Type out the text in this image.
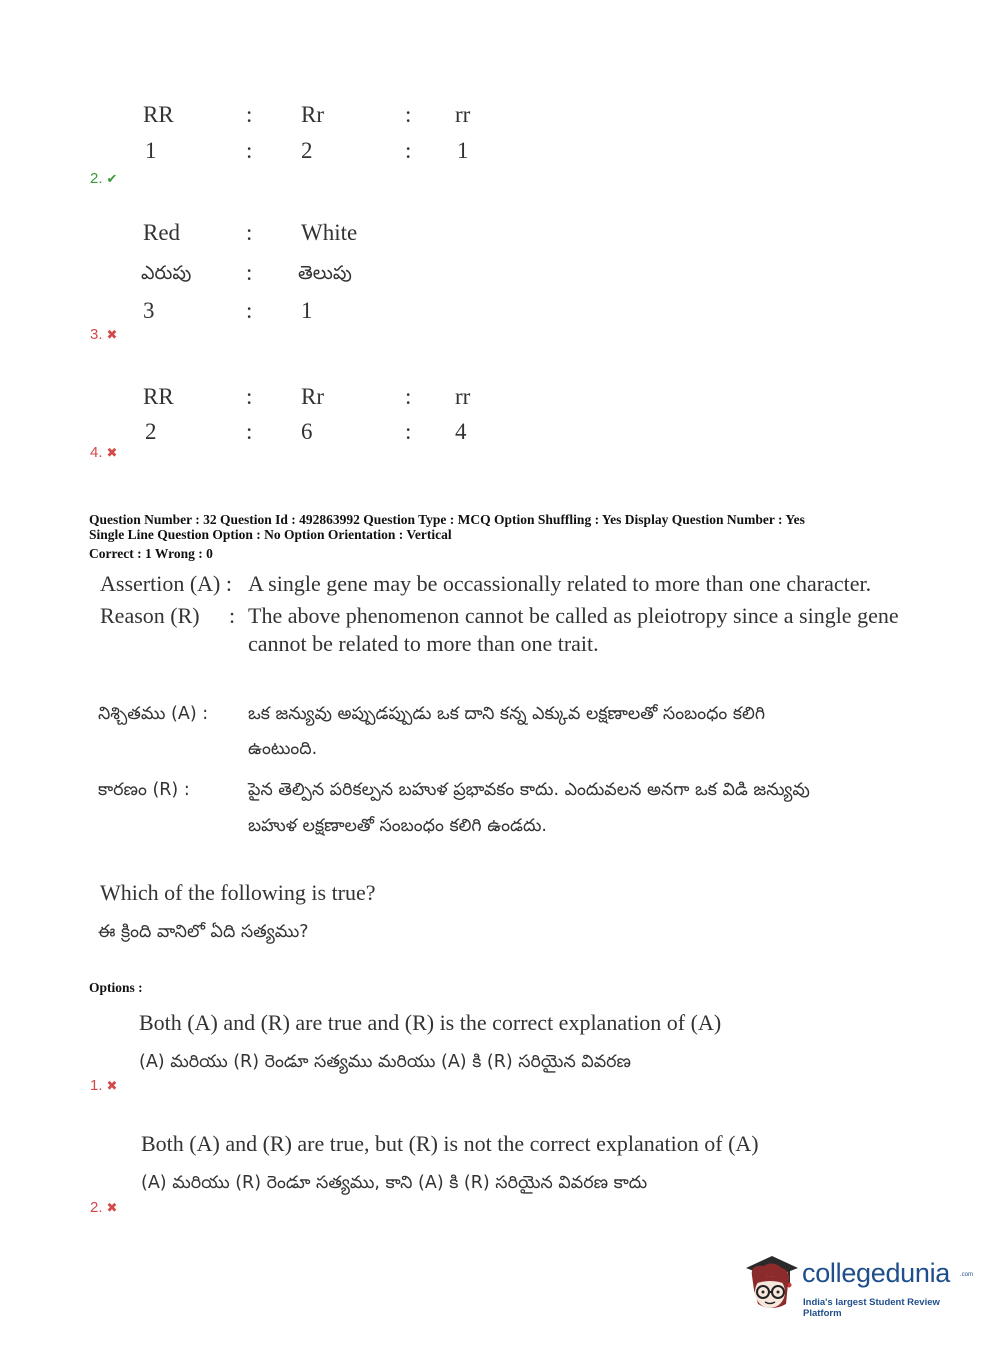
RR	: Rr	: rr
1	: 2	: 1
2. ✔
Red	: White
ఎరుపు : తెలుపు
3	: 1
3. ✖
RR	: Rr	: rr
2	: 6	: 4
4. ✖
Question Number : 32 Question Id : 492863992 Question Type : MCQ Option Shuffling : Yes Display Question Number : Yes
Single Line Question Option : No Option Orientation : Vertical
Correct : 1 Wrong : 0
Assertion (A) : A single gene may be occassionally related to more than one character.
Reason (R) : The above phenomenon cannot be called as pleiotropy since a single gene
cannot be related to more than one trait.
నిశ్చితము (A) : ఒక జన్యువు అప్పుడప్పుడు ఒక దాని కన్న ఎక్కువ లక్షణాలతో సంబంధం కలిగి
ఉంటుంది.
కారణం (R) :	పైన తెల్పిన పరికల్పన బహుళ ప్రభావకం కాదు. ఎందువలన అనగా ఒక విడి జన్యువు
బహుళ లక్షణాలతో సంబంధం కలిగి ఉండదు.
Which of the following is true?
ఈ క్రింది వానిలో ఏది సత్యము?
Options :
Both (A) and (R) are true and (R) is the correct explanation of (A)
(A) మరియు (R) రెండూ సత్యము మరియు (A) కి (R) సరియైన వివరణ
1. ✖
Both (A) and (R) are true, but (R) is not the correct explanation of (A)
(A) మరియు (R) రెండూ సత్యము, కాని (A) కి (R) సరియైన వివరణ కాదు
2. ✖
collegedunia .com
India's largest Student Review Platform
